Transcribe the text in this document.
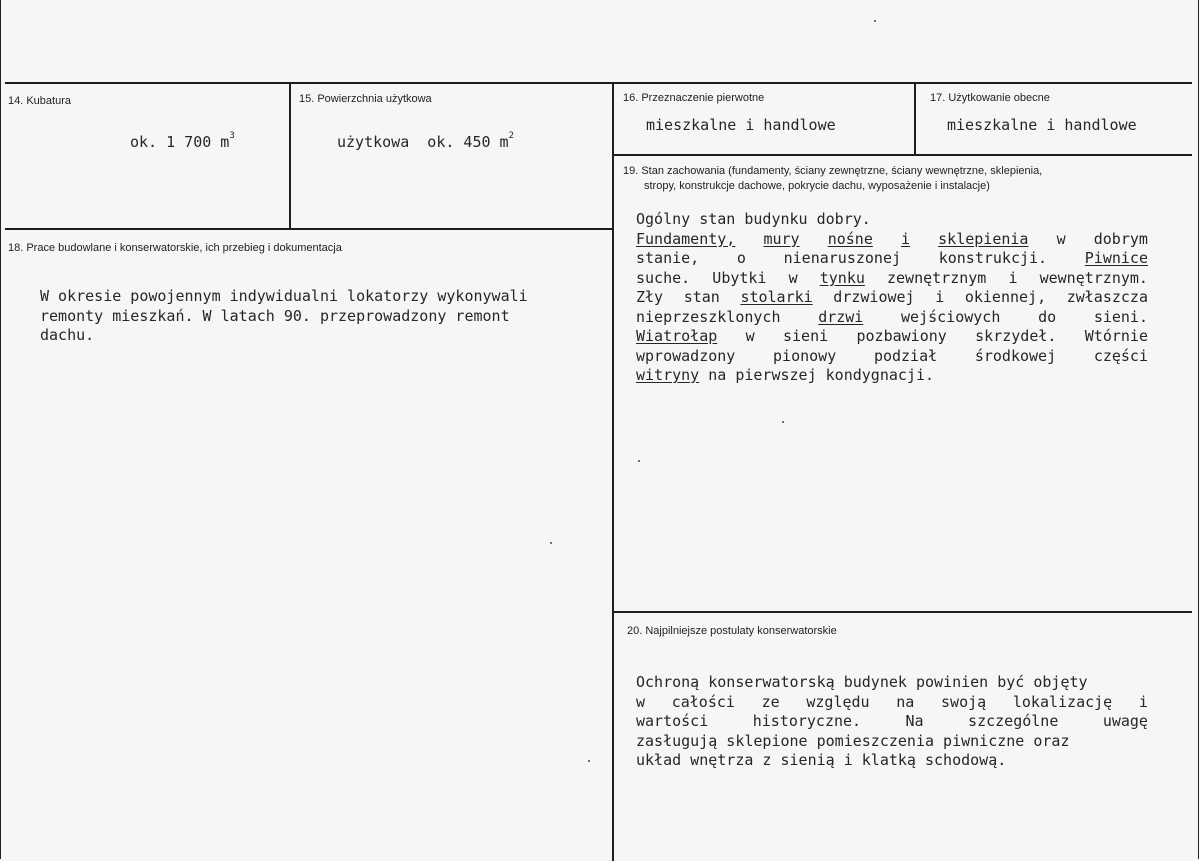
14. Kubatura
ok. 1 700 $m^3$
15. Powierzchnia użytkowa
użytkowa  ok. 450 $m^2$
16. Przeznaczenie pierwotne
mieszkalne i handlowe
17. Użytkowanie obecne
mieszkalne i handlowe
18. Prace budowlane i konserwatorskie, ich przebieg i dokumentacja
W okresie powojennym indywidualni lokatorzy wykonywali
remonty mieszkań. W latach 90. przeprowadzony remont
dachu.
19. Stan zachowania (fundamenty, ściany zewnętrzne, ściany wewnętrzne, sklepienia,
stropy, konstrukcje dachowe, pokrycie dachu, wyposażenie i instalacje)
Ogólny stan budynku dobry.
Fundamenty, mury nośne i sklepienia w dobrym
stanie,	o	nienaruszonej	konstrukcji.	Piwnice
suche. Ubytki w tynku zewnętrznym i wewnętrznym.
Zły stan stolarki drzwiowej i okiennej, zwłaszcza
nieprzeszklonych	drzwi	wejściowych	do	sieni.
Wiatrołap w sieni pozbawiony skrzydeł. Wtórnie
wprowadzony	pionowy	podział	środkowej	części
witryny na pierwszej kondygnacji.
20. Najpilniejsze postulaty konserwatorskie
Ochroną konserwatorską budynek powinien być objęty
w całości ze względu na swoją lokalizację i
wartości	historyczne.	Na	szczególne	uwagę
zasługują sklepione pomieszczenia piwniczne oraz
układ wnętrza z sienią i klatką schodową.
